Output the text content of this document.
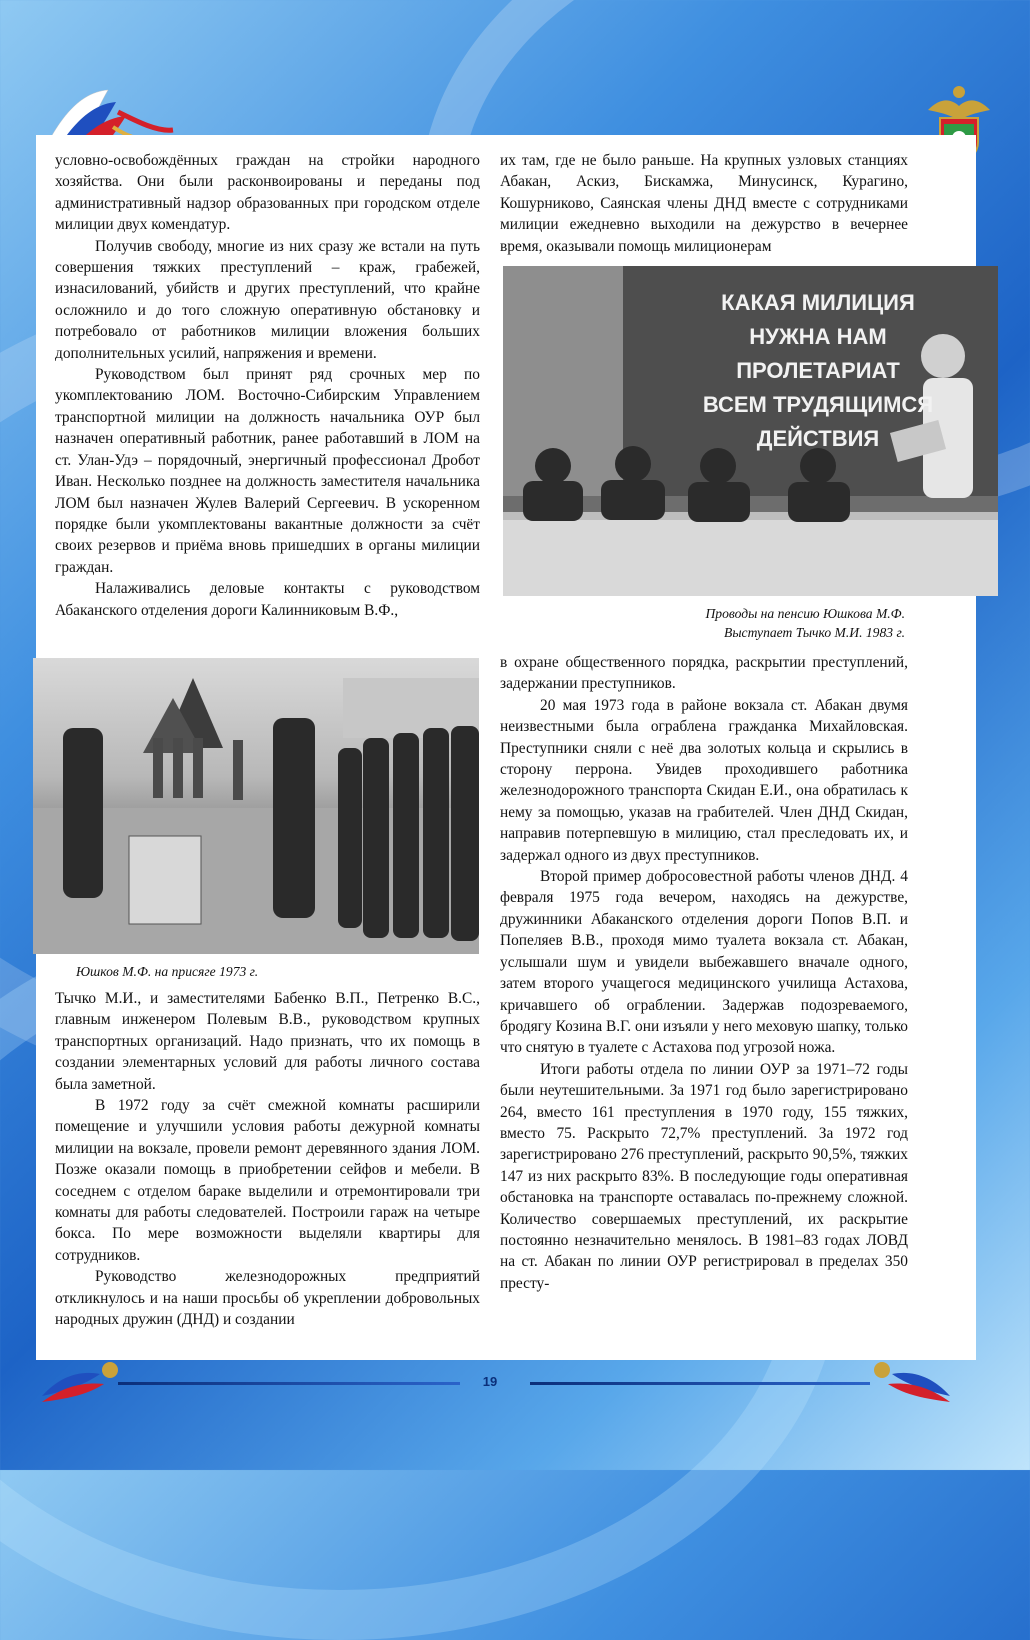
условно-освобождённых граждан на стройки народного хозяйства. Они были расконвоированы и переданы под административный надзор образованных при городском отделе милиции двух комендатур.

Получив свободу, многие из них сразу же встали на путь совершения тяжких преступлений – краж, грабежей, изнасилований, убийств и других преступлений, что крайне осложнило и до того сложную оперативную обстановку и потребовало от работников милиции вложения больших дополнительных усилий, напряжения и времени.

Руководством был принят ряд срочных мер по укомплектованию ЛОМ. Восточно-Сибирским Управлением транспортной милиции на должность начальника ОУР был назначен оперативный работник, ранее работавший в ЛОМ на ст. Улан-Удэ – порядочный, энергичный профессионал Дробот Иван. Несколько позднее на должность заместителя начальника ЛОМ был назначен Жулев Валерий Сергеевич. В ускоренном порядке были укомплектованы вакантные должности за счёт своих резервов и приёма вновь пришедших в органы милиции граждан.

Налаживались деловые контакты с руководством Абаканского отделения дороги Калинниковым В.Ф.,

Юшков М.Ф. на присяге 1973 г.

Тычко М.И., и заместителями Бабенко В.П., Петренко В.С., главным инженером Полевым В.В., руководством крупных транспортных организаций. Надо признать, что их помощь в создании элементарных условий для работы личного состава была заметной.

В 1972 году за счёт смежной комнаты расширили помещение и улучшили условия работы дежурной комнаты милиции на вокзале, провели ремонт деревянного здания ЛОМ. Позже оказали помощь в приобретении сейфов и мебели. В соседнем с отделом бараке выделили и отремонтировали три комнаты для работы следователей. Построили гараж на четыре бокса. По мере возможности выделяли квартиры для сотрудников.

Руководство железнодорожных предприятий откликнулось и на наши просьбы об укреплении добровольных народных дружин (ДНД) и создании

их там, где не было раньше. На крупных узловых станциях Абакан, Аскиз, Бискамжа, Минусинск, Курагино, Кошурниково, Саянская члены ДНД вместе с сотрудниками милиции ежедневно выходили на дежурство в вечернее время, оказывали помощь милиционерам

КАКАЯ МИЛИЦИЯ
НУЖНА НАМ
ПРОЛЕТАРИАТ
ВСЕМ ТРУДЯЩИМСЯ
ДЕЙСТВИЯ
Проводы на пенсию Юшкова М.Ф.
Выступает Тычко М.И. 1983 г.

в охране общественного порядка, раскрытии преступлений, задержании преступников.

20 мая 1973 года в районе вокзала ст. Абакан двумя неизвестными была ограблена гражданка Михайловская. Преступники сняли с неё два золотых кольца и скрылись в сторону перрона. Увидев проходившего работника железнодорожного транспорта Скидан Е.И., она обратилась к нему за помощью, указав на грабителей. Член ДНД Скидан, направив потерпевшую в милицию, стал преследовать их, и задержал одного из двух преступников.

Второй пример добросовестной работы членов ДНД. 4 февраля 1975 года вечером, находясь на дежурстве, дружинники Абаканского отделения дороги Попов В.П. и Попеляев В.В., проходя мимо туалета вокзала ст. Абакан, услышали шум и увидели выбежавшего вначале одного, затем второго учащегося медицинского училища Астахова, кричавшего об ограблении. Задержав подозреваемого, бродягу Козина В.Г. они изъяли у него меховую шапку, только что снятую в туалете с Астахова под угрозой ножа.

Итоги работы отдела по линии ОУР за 1971–72 годы были неутешительными. За 1971 год было зарегистрировано 264, вместо 161 преступления в 1970 году, 155 тяжких, вместо 75. Раскрыто 72,7% преступлений. За 1972 год зарегистрировано 276 преступлений, раскрыто 90,5%, тяжких 147 из них раскрыто 83%. В последующие годы оперативная обстановка на транспорте оставалась по-прежнему сложной. Количество совершаемых преступлений, их раскрытие постоянно незначительно менялось. В 1981–83 годах ЛОВД на ст. Абакан по линии ОУР регистрировал в пределах 350 престу-

19
